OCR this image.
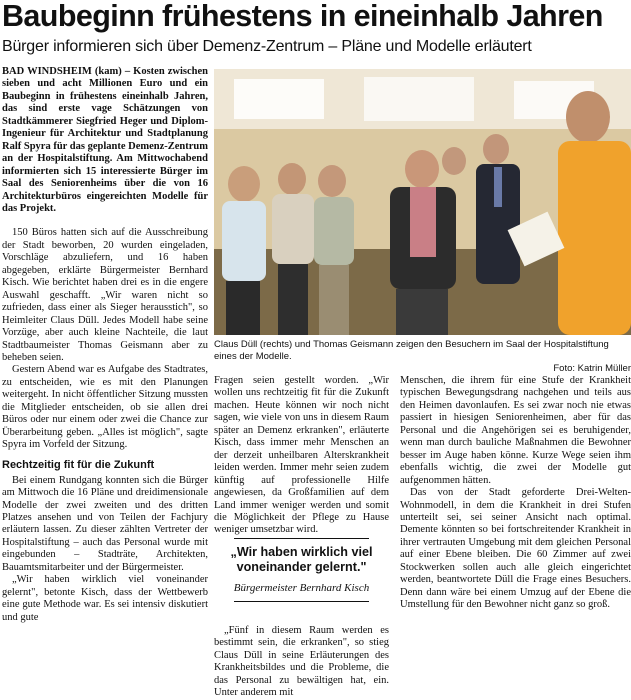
Baubeginn frühestens in eineinhalb Jahren
Bürger informieren sich über Demenz-Zentrum – Pläne und Modelle erläutert

BAD WINDSHEIM (kam) – Kosten zwischen sieben und acht Millionen Euro und ein Baubeginn in frühestens eineinhalb Jahren, das sind erste vage Schätzungen von Stadtkämmerer Siegfried Heger und Diplom-Ingenieur für Architektur und Stadtplanung Ralf Spyra für das geplante Demenz-Zentrum an der Hospitalstiftung. Am Mittwochabend informierten sich 15 interessierte Bürger im Saal des Seniorenheims über die von 16 Architekturbüros eingereichten Modelle für das Projekt.

150 Büros hatten sich auf die Ausschreibung der Stadt beworben, 20 wurden eingeladen, Vorschläge abzuliefern, und 16 haben abgegeben, erklärte Bürgermeister Bernhard Kisch. Wie berichtet haben drei es in die engere Auswahl geschafft. „Wir waren nicht so zufrieden, dass einer als Sieger herausstich", so Heimleiter Claus Düll. Jedes Modell habe seine Vorzüge, aber auch kleine Nachteile, die laut Stadtbaumeister Thomas Geismann aber zu beheben seien.

Gestern Abend war es Aufgabe des Stadtrates, zu entscheiden, wie es mit den Planungen weitergeht. In nicht öffentlicher Sitzung mussten die Mitglieder entscheiden, ob sie allen drei Büros oder nur einem oder zwei die Chance zur Überarbeitung geben. „Alles ist möglich", sagte Spyra im Vorfeld der Sitzung.

Rechtzeitig fit für die Zukunft

Bei einem Rundgang konnten sich die Bürger am Mittwoch die 16 Pläne und dreidimensionale Modelle der zwei zweiten und des dritten Platzes ansehen und von Teilen der Fachjury erläutern lassen. Zu dieser zählten Vertreter der Hospitalstiftung – auch das Personal wurde mit eingebunden – Stadträte, Architekten, Bauamtsmitarbeiter und der Bürgermeister.

„Wir haben wirklich viel voneinander gelernt", betonte Kisch, dass der Wettbewerb eine gute Methode war. Es sei intensiv diskutiert und gute

Claus Düll (rechts) und Thomas Geismann zeigen den Besuchern im Saal der Hospitalstiftung eines der Modelle.
Foto: Katrin Müller

Fragen seien gestellt worden. „Wir wollen uns rechtzeitig fit für die Zukunft machen. Heute können wir noch nicht sagen, wie viele von uns in diesem Raum später an Demenz erkranken", erläuterte Kisch, dass immer mehr Menschen an der derzeit unheilbaren Alterskrankheit leiden werden. Immer mehr seien zudem künftig auf professionelle Hilfe angewiesen, da Großfamilien auf dem Land immer weniger werden und somit die Möglichkeit der Pflege zu Hause weniger umsetzbar wird.

„Wir haben wirklich viel voneinander gelernt."
Bürgermeister Bernhard Kisch

„Fünf in diesem Raum werden es bestimmt sein, die erkranken", so stieg Claus Düll in seine Erläuterungen des Krankheitsbildes und die Probleme, die das Personal zu bewältigen hat, ein. Unter anderem mit

Menschen, die ihrem für eine Stufe der Krankheit typischen Bewegungsdrang nachgehen und teils aus den Heimen davonlaufen. Es sei zwar noch nie etwas passiert in hiesigen Seniorenheimen, aber für das Personal und die Angehörigen sei es beruhigender, wenn man durch bauliche Maßnahmen die Bewohner besser im Auge haben könne. Kurze Wege seien ihm ebenfalls wichtig, die zwei der Modelle gut aufgenommen hätten.

Das von der Stadt geforderte Drei-Welten-Wohnmodell, in dem die Krankheit in drei Stufen unterteilt sei, sei seiner Ansicht nach optimal. Demente könnten so bei fortschreitender Krankheit in ihrer vertrauten Umgebung mit dem gleichen Personal auf einer Ebene bleiben. Die 60 Zimmer auf zwei Stockwerken sollen auch alle gleich eingerichtet werden, beantwortete Düll die Frage eines Besuchers. Denn dann wäre bei einem Umzug auf der Ebene die Umstellung für den Bewohner nicht ganz so groß.
